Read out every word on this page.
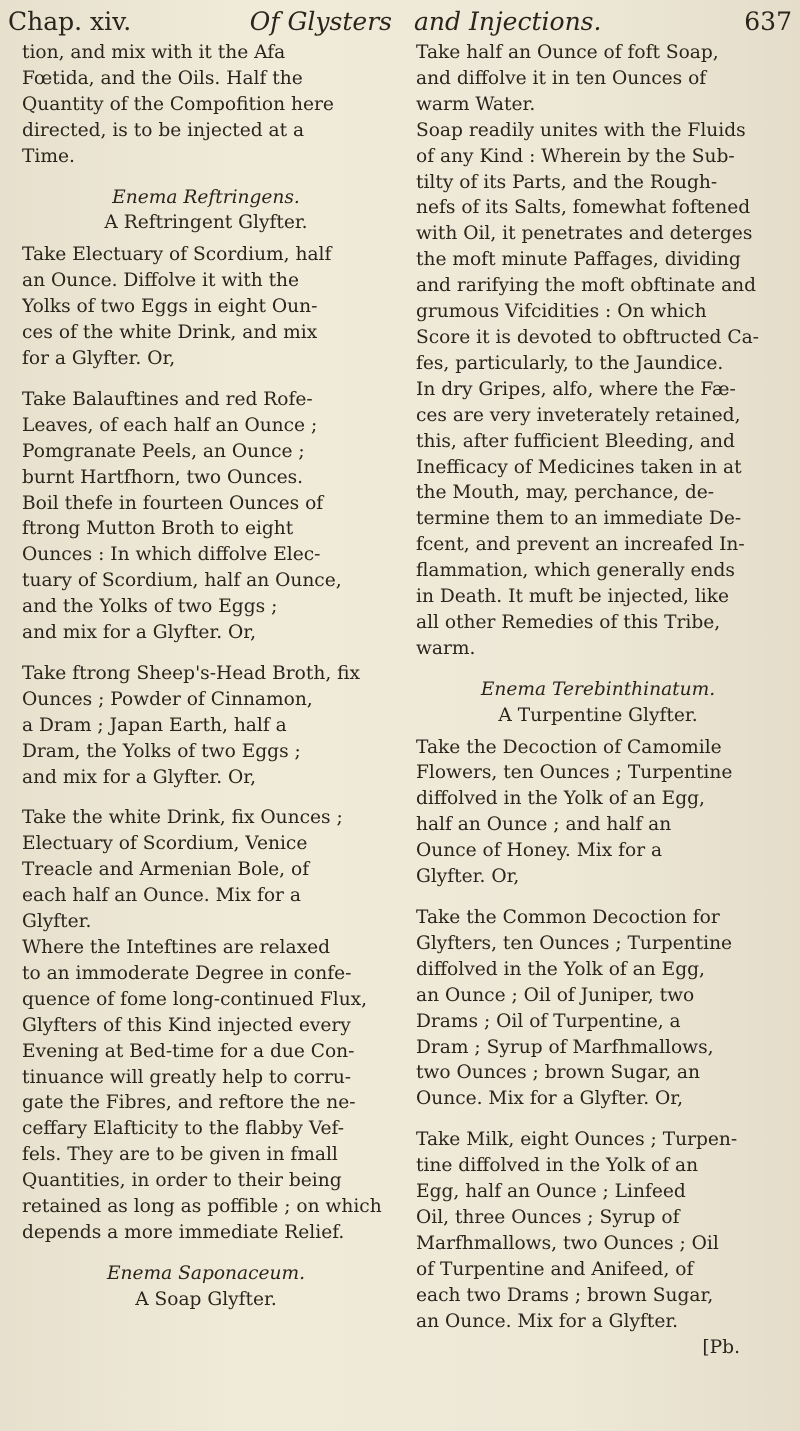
Chap. xiv.	Of Glysters and Injections.	637
tion, and mix with it the Afa
Fœtida, and the Oils. Half the
Quantity of the Compofition here
directed, is to be injected at a
Time.
Enema Reftringens.
A Reftringent Glyfter.
Take Electuary of Scordium, half
an Ounce. Diffolve it with the
Yolks of two Eggs in eight Oun-
ces of the white Drink, and mix
for a Glyfter. Or,
Take Balauftines and red Rofe-
Leaves, of each half an Ounce ;
Pomgranate Peels, an Ounce ;
burnt Hartfhorn, two Ounces.
Boil thefe in fourteen Ounces of
ftrong Mutton Broth to eight
Ounces : In which diffolve Elec-
tuary of Scordium, half an Ounce,
and the Yolks of two Eggs ;
and mix for a Glyfter. Or,
Take ftrong Sheep's-Head Broth, fix
Ounces ; Powder of Cinnamon,
a Dram ; Japan Earth, half a
Dram, the Yolks of two Eggs ;
and mix for a Glyfter. Or,
Take the white Drink, fix Ounces ;
Electuary of Scordium, Venice
Treacle and Armenian Bole, of
each half an Ounce. Mix for a
Glyfter.
Where the Inteftines are relaxed
to an immoderate Degree in confe-
quence of fome long-continued Flux,
Glyfters of this Kind injected every
Evening at Bed-time for a due Con-
tinuance will greatly help to corru-
gate the Fibres, and reftore the ne-
ceffary Elafticity to the flabby Vef-
fels. They are to be given in fmall
Quantities, in order to their being
retained as long as poffible ; on which
depends a more immediate Relief.
Enema Saponaceum.
A Soap Glyfter.
Take half an Ounce of foft Soap,
and diffolve it in ten Ounces of
warm Water.
Soap readily unites with the Fluids
of any Kind : Wherein by the Sub-
tilty of its Parts, and the Rough-
nefs of its Salts, fomewhat foftened
with Oil, it penetrates and deterges
the moft minute Paffages, dividing
and rarifying the moft obftinate and
grumous Vifcidities : On which
Score it is devoted to obftructed Ca-
fes, particularly, to the Jaundice.
In dry Gripes, alfo, where the Fæ-
ces are very inveterately retained,
this, after fufficient Bleeding, and
Inefficacy of Medicines taken in at
the Mouth, may, perchance, de-
termine them to an immediate De-
fcent, and prevent an increafed In-
flammation, which generally ends
in Death. It muft be injected, like
all other Remedies of this Tribe,
warm.
Enema Terebinthinatum.
A Turpentine Glyfter.
Take the Decoction of Camomile
Flowers, ten Ounces ; Turpentine
diffolved in the Yolk of an Egg,
half an Ounce ; and half an
Ounce of Honey. Mix for a
Glyfter. Or,
Take the Common Decoction for
Glyfters, ten Ounces ; Turpentine
diffolved in the Yolk of an Egg,
an Ounce ; Oil of Juniper, two
Drams ; Oil of Turpentine, a
Dram ; Syrup of Marfhmallows,
two Ounces ; brown Sugar, an
Ounce. Mix for a Glyfter. Or,
Take Milk, eight Ounces ; Turpen-
tine diffolved in the Yolk of an
Egg, half an Ounce ; Linfeed
Oil, three Ounces ; Syrup of
Marfhmallows, two Ounces ; Oil
of Turpentine and Anifeed, of
each two Drams ; brown Sugar,
an Ounce. Mix for a Glyfter.
[Pb.
